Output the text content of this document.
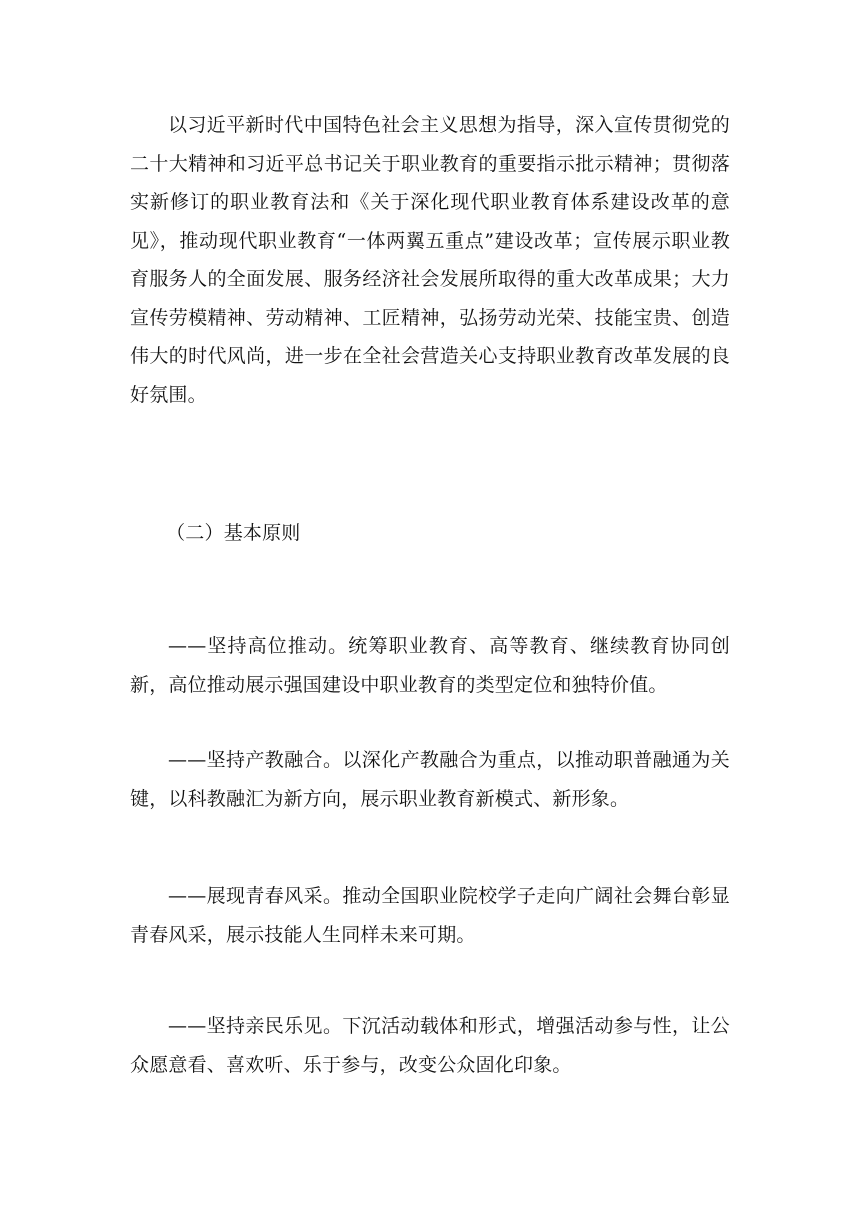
以习近平新时代中国特色社会主义思想为指导，深入宣传贯彻党的二十大精神和习近平总书记关于职业教育的重要指示批示精神；贯彻落实新修订的职业教育法和《关于深化现代职业教育体系建设改革的意见》，推动现代职业教育“一体两翼五重点”建设改革；宣传展示职业教育服务人的全面发展、服务经济社会发展所取得的重大改革成果；大力宣传劳模精神、劳动精神、工匠精神，弘扬劳动光荣、技能宝贵、创造伟大的时代风尚，进一步在全社会营造关心支持职业教育改革发展的良好氛围。

（二）基本原则

——坚持高位推动。统筹职业教育、高等教育、继续教育协同创新，高位推动展示强国建设中职业教育的类型定位和独特价值。

——坚持产教融合。以深化产教融合为重点，以推动职普融通为关键，以科教融汇为新方向，展示职业教育新模式、新形象。

——展现青春风采。推动全国职业院校学子走向广阔社会舞台彰显青春风采，展示技能人生同样未来可期。

——坚持亲民乐见。下沉活动载体和形式，增强活动参与性，让公众愿意看、喜欢听、乐于参与，改变公众固化印象。
